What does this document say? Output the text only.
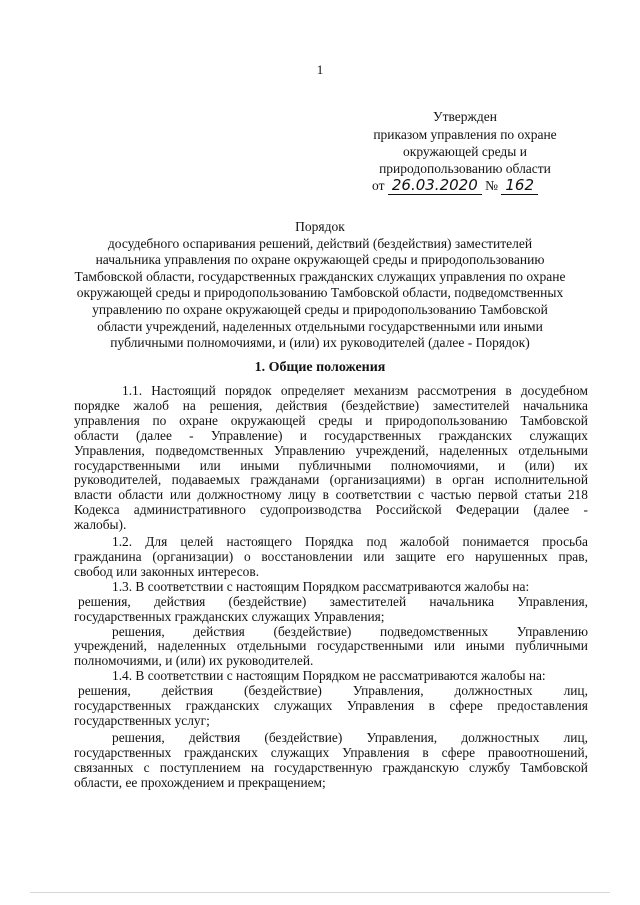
1
Утвержден
приказом управления по охране
окружающей среды и
природопользованию области
от 26.03.2020 № 162
Порядок
досудебного оспаривания решений, действий (бездействия) заместителей
начальника управления по охране окружающей среды и природопользованию
Тамбовской области, государственных гражданских служащих управления по охране
окружающей среды и природопользованию Тамбовской области, подведомственных
управлению по охране окружающей среды и природопользованию Тамбовской
области учреждений, наделенных отдельными государственными или иными
публичными полномочиями, и (или) их руководителей (далее - Порядок)
1. Общие положения
1.1. Настоящий порядок определяет механизм рассмотрения в досудебном
порядке жалоб на решения, действия (бездействие) заместителей начальника
управления по охране окружающей среды и природопользованию Тамбовской
области (далее - Управление) и государственных гражданских служащих
Управления, подведомственных Управлению учреждений, наделенных отдельными
государственными или иными публичными полномочиями, и (или) их
руководителей, подаваемых гражданами (организациями) в орган исполнительной
власти области или должностному лицу в соответствии с частью первой статьи 218
Кодекса административного судопроизводства Российской Федерации (далее -
жалобы).
1.2. Для целей настоящего Порядка под жалобой понимается просьба
гражданина (организации) о восстановлении или защите его нарушенных прав,
свобод или законных интересов.
1.3. В соответствии с настоящим Порядком рассматриваются жалобы на:
решения, действия (бездействие) заместителей начальника Управления,
государственных гражданских служащих Управления;
решения, действия (бездействие) подведомственных Управлению
учреждений, наделенных отдельными государственными или иными публичными
полномочиями, и (или) их руководителей.
1.4. В соответствии с настоящим Порядком не рассматриваются жалобы на:
решения, действия (бездействие) Управления, должностных лиц,
государственных гражданских служащих Управления в сфере предоставления
государственных услуг;
решения, действия (бездействие) Управления, должностных лиц,
государственных гражданских служащих Управления в сфере правоотношений,
связанных с поступлением на государственную гражданскую службу Тамбовской
области, ее прохождением и прекращением;
